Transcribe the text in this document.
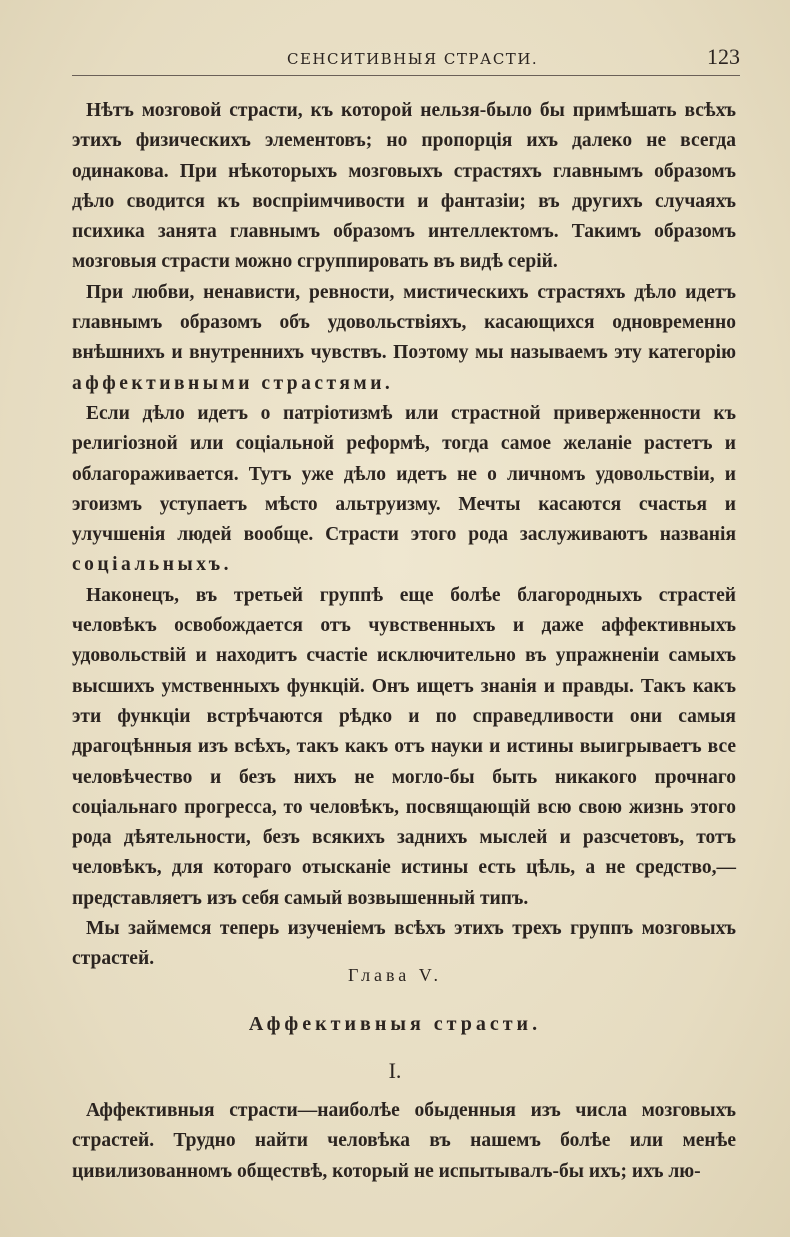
СЕНСИТИВНЫЯ СТРАСТИ.	123

Нѣтъ мозговой страсти, къ которой нельзя-было бы примѣшать всѣхъ этихъ физическихъ элементовъ; но пропорція ихъ далеко не всегда одинакова. При нѣкоторыхъ мозговыхъ страстяхъ главнымъ образомъ дѣло сводится къ воспріимчивости и фантазіи; въ другихъ случаяхъ психика занята главнымъ образомъ интеллектомъ. Такимъ образомъ мозговыя страсти можно сгруппировать въ видѣ серій.

При любви, ненависти, ревности, мистическихъ страстяхъ дѣло идетъ главнымъ образомъ объ удовольствіяхъ, касающихся одновременно внѣшнихъ и внутреннихъ чувствъ. Поэтому мы называемъ эту категорію аффективными страстями.

Если дѣло идетъ о патріотизмѣ или страстной приверженности къ религіозной или соціальной реформѣ, тогда самое желаніе растетъ и облагораживается. Тутъ уже дѣло идетъ не о личномъ удовольствіи, и эгоизмъ уступаетъ мѣсто альтруизму. Мечты касаются счастья и улучшенія людей вообще. Страсти этого рода заслуживаютъ названія соціальныхъ.

Наконецъ, въ третьей группѣ еще болѣе благородныхъ страстей человѣкъ освобождается отъ чувственныхъ и даже аффективныхъ удовольствій и находитъ счастіе исключительно въ упражненіи самыхъ высшихъ умственныхъ функцій. Онъ ищетъ знанія и правды. Такъ какъ эти функціи встрѣчаются рѣдко и по справедливости они самыя драгоцѣнныя изъ всѣхъ, такъ какъ отъ науки и истины выигрываетъ все человѣчество и безъ нихъ не могло-бы быть никакого прочнаго соціальнаго прогресса, то человѣкъ, посвящающій всю свою жизнь этого рода дѣятельности, безъ всякихъ заднихъ мыслей и разсчетовъ, тотъ человѣкъ, для котораго отысканіе истины есть цѣль, а не средство,—представляетъ изъ себя самый возвышенный типъ.

Мы займемся теперь изученіемъ всѣхъ этихъ трехъ группъ мозговыхъ страстей.

Глава V.
Аффективныя страсти.
I.

Аффективныя страсти—наиболѣе обыденныя изъ числа мозговыхъ страстей. Трудно найти человѣка въ нашемъ болѣе или менѣе цивилизованномъ обществѣ, который не испытывалъ-бы ихъ; ихъ лю-
